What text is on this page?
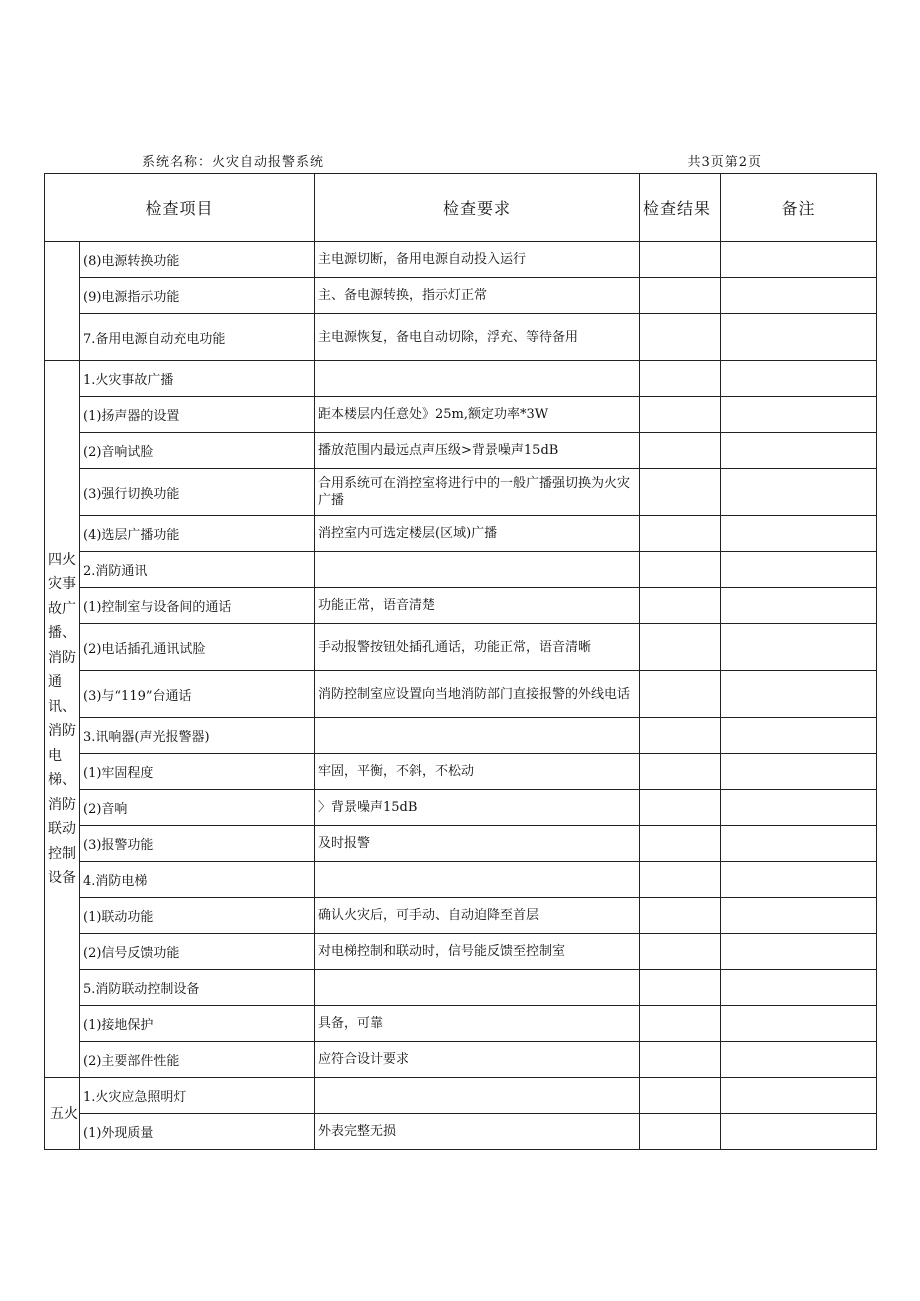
系统名称：火灾自动报警系统	共3页第2页
检查项目		检查要求	检查结果	备注
	(8)电源转换功能	主电源切断，备用电源自动投入运行		
	(9)电源指示功能	主、备电源转换，指示灯正常		
	7.备用电源自动充电功能	主电源恢复，备电自动切除，浮充、等待备用		

四火灾事故广播、消防通讯、消防电梯、消防联动控制设备	1.火灾事故广播			
	(1)扬声器的设置	距本楼层内任意处》25m,额定功率*3W		
	(2)音响试脸	播放范围内最远点声压级>背景噪声15dB		
	(3)强行切换功能	合用系统可在消控室将进行中的一般广播强切换为火灾广播		
	(4)选层广播功能	消控室内可选定楼层(区域)广播		
	2.消防通讯			
	(1)控制室与设备间的通话	功能正常，语音清楚		
	(2)电话插孔通讯试脸	手动报警按钮处插孔通话，功能正常，语音清晰		
	(3)与“119”台通话	消防控制室应设置向当地消防部门直接报警的外线电话		
	3.讯响器(声光报警器)			
	(1)牢固程度	牢固，平衡，不斜，不松动		
	(2)音响	〉背景噪声15dB		
	(3)报警功能	及时报警		
	4.消防电梯			
	(1)联动功能	确认火灾后，可手动、自动迫降至首层		
	(2)信号反馈功能	对电梯控制和联动时，信号能反馈至控制室		
	5.消防联动控制设备			
	(1)接地保护	具备，可靠		
	(2)主要部件性能	应符合设计要求		

五火	1.火灾应急照明灯			
	(1)外现质量	外表完整无损		
